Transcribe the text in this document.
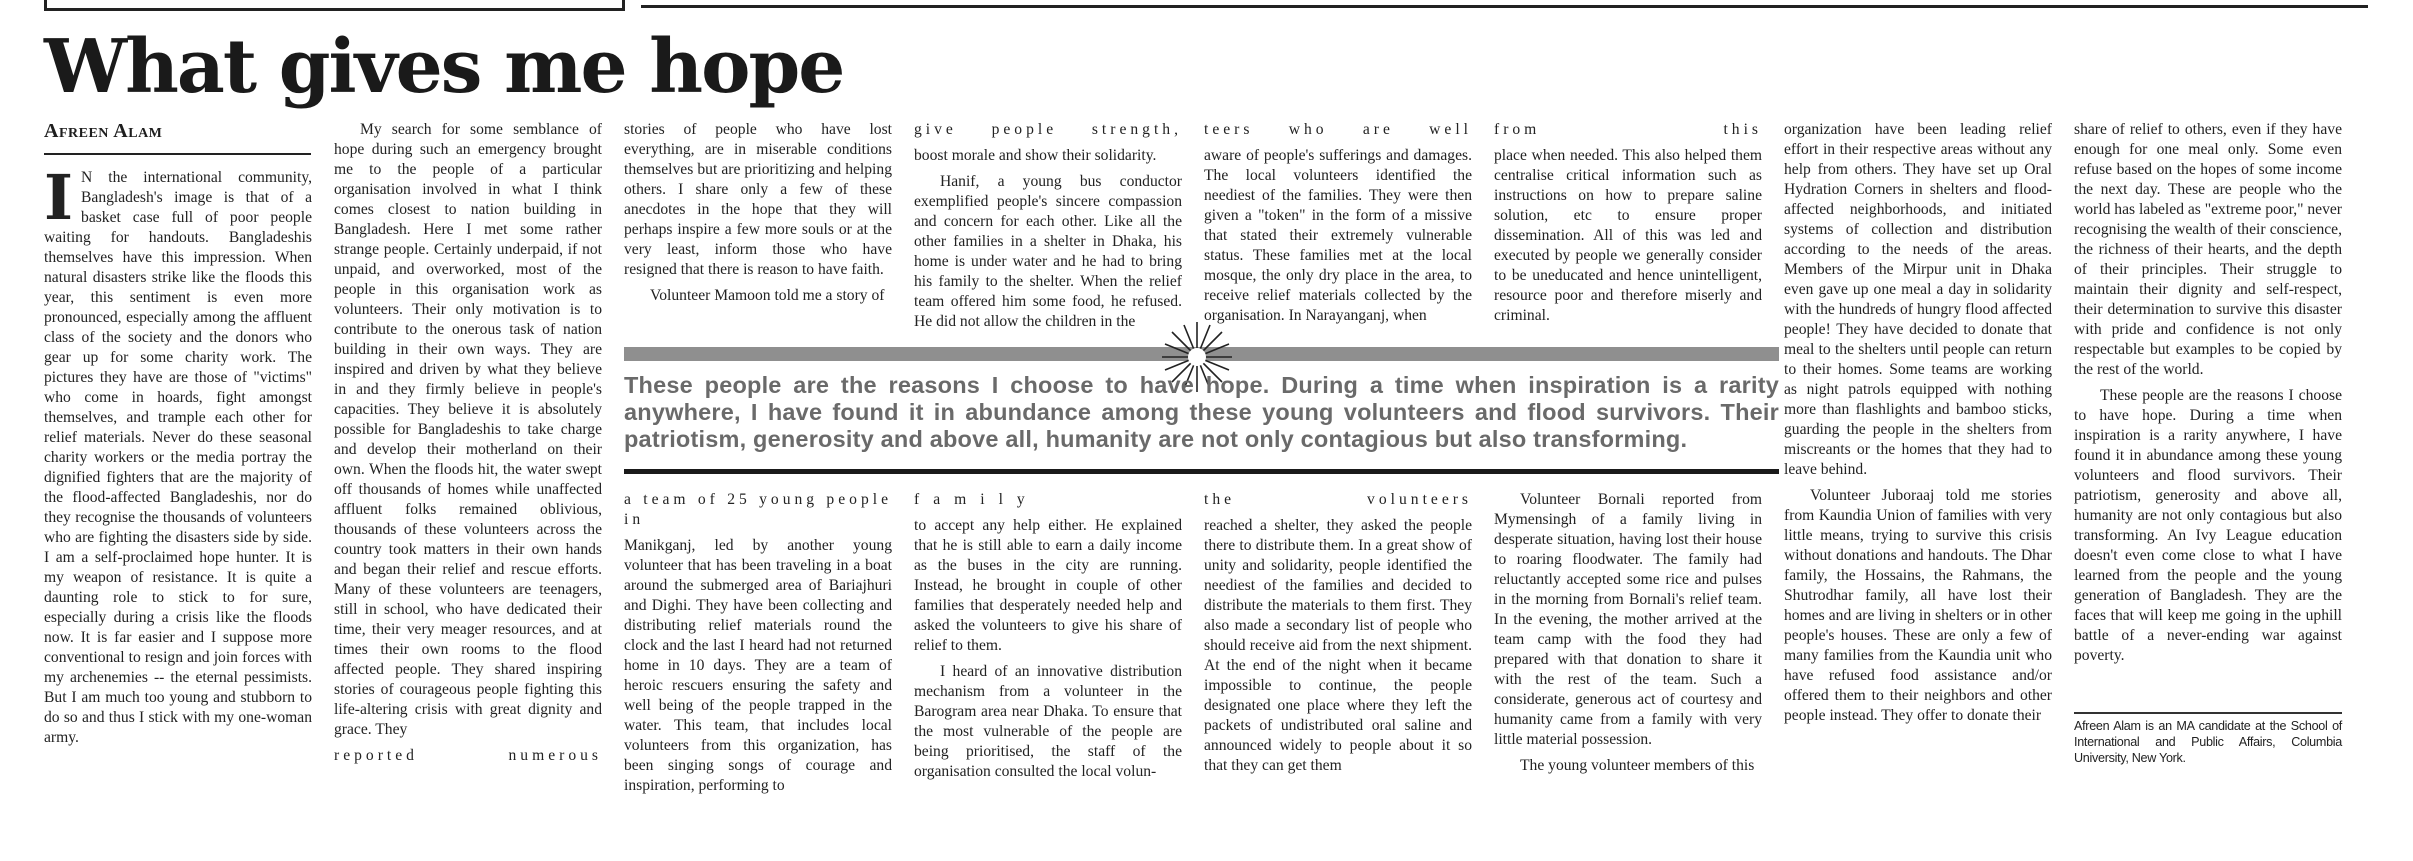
What gives me hope
Afreen Alam

I N the international community, Bangladesh's image is that of a basket case full of poor people waiting for handouts. Bangladeshis themselves have this impression. When natural disasters strike like the floods this year, this sentiment is even more pronounced, especially among the affluent class of the society and the donors who gear up for some charity work. The pictures they have are those of "victims" who come in hoards, fight amongst themselves, and trample each other for relief materials. Never do these seasonal charity workers or the media portray the dignified fighters that are the majority of the flood-affected Bangladeshis, nor do they recognise the thousands of volunteers who are fighting the disasters side by side. I am a self-proclaimed hope hunter. It is my weapon of resistance. It is quite a daunting role to stick to for sure, especially during a crisis like the floods now. It is far easier and I suppose more conventional to resign and join forces with my archenemies -- the eternal pessimists. But I am much too young and stubborn to do so and thus I stick with my one-woman army.

My search for some semblance of hope during such an emergency brought me to the people of a particular organisation involved in what I think comes closest to nation building in Bangladesh. Here I met some rather strange people. Certainly underpaid, if not unpaid, and overworked, most of the people in this organisation work as volunteers. Their only motivation is to contribute to the onerous task of nation building in their own ways. They are inspired and driven by what they believe in and they firmly believe in people's capacities. They believe it is absolutely possible for Bangladeshis to take charge and develop their motherland on their own. When the floods hit, the water swept off thousands of homes while unaffected affluent folks remained oblivious, thousands of these volunteers across the country took matters in their own hands and began their relief and rescue efforts. Many of these volunteers are teenagers, still in school, who have dedicated their time, their very meager resources, and at times their own rooms to the flood affected people. They shared inspiring stories of courageous people fighting this life-altering crisis with great dignity and grace. They

reported numerous

stories of people who have lost everything, are in miserable conditions themselves but are prioritizing and helping others. I share only a few of these anecdotes in the hope that they will perhaps inspire a few more souls or at the very least, inform those who have resigned that there is reason to have faith.

Volunteer Mamoon told me a story of

give people strength,

boost morale and show their solidarity.

Hanif, a young bus conductor exemplified people's sincere compassion and concern for each other. Like all the other families in a shelter in Dhaka, his home is under water and he had to bring his family to the shelter. When the relief team offered him some food, he refused. He did not allow the children in the

teers who are well

aware of people's sufferings and damages. The local volunteers identified the neediest of the families. They were then given a "token" in the form of a missive that stated their extremely vulnerable status. These families met at the local mosque, the only dry place in the area, to receive relief materials collected by the organisation. In Narayanganj, when

from this

place when needed. This also helped them centralise critical information such as instructions on how to prepare saline solution, etc to ensure proper dissemination. All of this was led and executed by people we generally consider to be uneducated and hence unintelligent, resource poor and therefore miserly and criminal.

These people are the reasons I choose to have hope. During a time when inspiration is a rarity anywhere, I have found it in abundance among these young volunteers and flood survivors. Their patriotism, generosity and above all, humanity are not only contagious but also transforming.

a team of 25 young people in

Manikganj, led by another young volunteer that has been traveling in a boat around the submerged area of Bariajhuri and Dighi. They have been collecting and distributing relief materials round the clock and the last I heard had not returned home in 10 days. They are a team of heroic rescuers ensuring the safety and well being of the people trapped in the water. This team, that includes local volunteers from this organization, has been singing songs of courage and inspiration, performing to

family

to accept any help either. He explained that he is still able to earn a daily income as the buses in the city are running. Instead, he brought in couple of other families that desperately needed help and asked the volunteers to give his share of relief to them.

I heard of an innovative distribution mechanism from a volunteer in the Barogram area near Dhaka. To ensure that the most vulnerable of the people are being prioritised, the staff of the organisation consulted the local volun-

the volunteers

reached a shelter, they asked the people there to distribute them. In a great show of unity and solidarity, people identified the neediest of the families and decided to distribute the materials to them first. They also made a secondary list of people who should receive aid from the next shipment. At the end of the night when it became impossible to continue, the people designated one place where they left the packets of undistributed oral saline and announced widely to people about it so that they can get them

Volunteer Bornali reported from Mymensingh of a family living in desperate situation, having lost their house to roaring floodwater. The family had reluctantly accepted some rice and pulses in the morning from Bornali's relief team. In the evening, the mother arrived at the team camp with the food they had prepared with that donation to share it with the rest of the team. Such a considerate, generous act of courtesy and humanity came from a family with very little material possession.

The young volunteer members of this

organization have been leading relief effort in their respective areas without any help from others. They have set up Oral Hydration Corners in shelters and flood-affected neighborhoods, and initiated systems of collection and distribution according to the needs of the areas. Members of the Mirpur unit in Dhaka even gave up one meal a day in solidarity with the hundreds of hungry flood affected people! They have decided to donate that meal to the shelters until people can return to their homes. Some teams are working as night patrols equipped with nothing more than flashlights and bamboo sticks, guarding the people in the shelters from miscreants or the homes that they had to leave behind.

Volunteer Juboraaj told me stories from Kaundia Union of families with very little means, trying to survive this crisis without donations and handouts. The Dhar family, the Hossains, the Rahmans, the Shutrodhar family, all have lost their homes and are living in shelters or in other people's houses. These are only a few of many families from the Kaundia unit who have refused food assistance and/or offered them to their neighbors and other people instead. They offer to donate their

share of relief to others, even if they have enough for one meal only. Some even refuse based on the hopes of some income the next day. These are people who the world has labeled as "extreme poor," never recognising the wealth of their conscience, the richness of their hearts, and the depth of their principles. Their struggle to maintain their dignity and self-respect, their determination to survive this disaster with pride and confidence is not only respectable but examples to be copied by the rest of the world.

These people are the reasons I choose to have hope. During a time when inspiration is a rarity anywhere, I have found it in abundance among these young volunteers and flood survivors. Their patriotism, generosity and above all, humanity are not only contagious but also transforming. An Ivy League education doesn't even come close to what I have learned from the people and the young generation of Bangladesh. They are the faces that will keep me going in the uphill battle of a never-ending war against poverty.

Afreen Alam is an MA candidate at the School of International and Public Affairs, Columbia University, New York.
